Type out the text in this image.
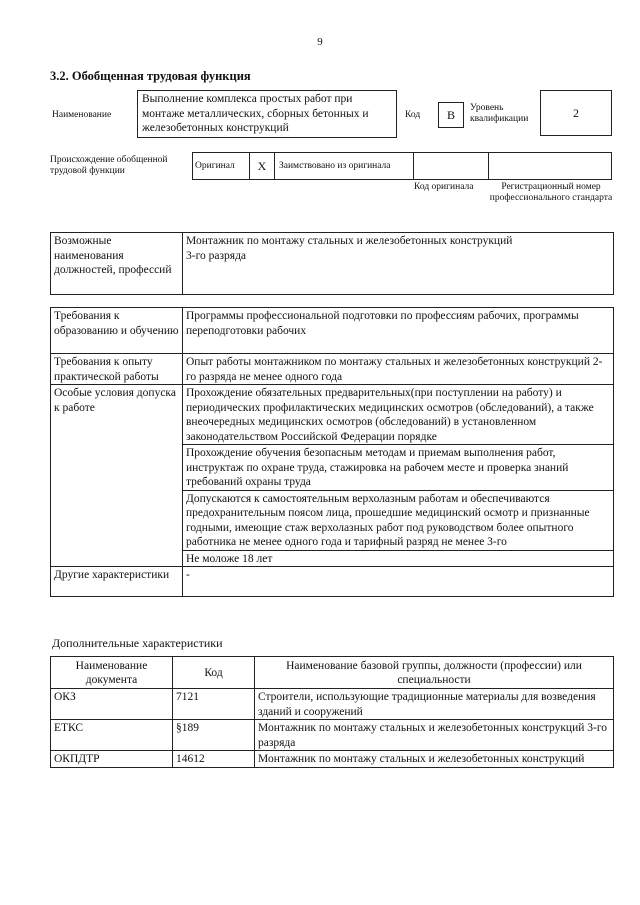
9
3.2. Обобщенная трудовая функция
Наименование
Выполнение комплекса простых работ при монтаже металлических, сборных бетонных и железобетонных конструкций
Код	B	Уровень квалификации	2
Происхождение обобщенной трудовой функции	Оригинал	X	Заимствовано из оригинала
Код оригинала	Регистрационный номер профессионального стандарта
Возможные наименования должностей, профессий	Монтажник по монтажу стальных и железобетонных конструкций
3-го разряда
Требования к образованию и обучению	Программы профессиональной подготовки по профессиям рабочих, программы переподготовки рабочих
Требования к опыту практической работы	Опыт работы монтажником по монтажу стальных и железобетонных конструкций 2-го разряда не менее одного года
Особые условия допуска к работе	Прохождение обязательных предварительных(при поступлении на работу) и периодических профилактических медицинских осмотров (обследований), а также внеочередных медицинских осмотров (обследований) в установленном законодательством Российской Федерации порядке
	Прохождение обучения безопасным методам и приемам выполнения работ, инструктаж по охране труда, стажировка на рабочем месте и проверка знаний требований охраны труда
	Допускаются к самостоятельным верхолазным работам и обеспечиваются предохранительным поясом лица, прошедшие медицинский осмотр и признанные годными, имеющие стаж верхолазных работ под руководством более опытного работника не менее одного года и тарифный разряд не менее 3-го
	Не моложе 18 лет
Другие характеристики	-
Дополнительные характеристики
Наименование документа	Код	Наименование базовой группы, должности (профессии) или специальности
ОКЗ	7121	Строители, использующие традиционные материалы для возведения зданий и сооружений
ЕТКС	§189	Монтажник по монтажу стальных и железобетонных конструкций 3-го разряда
ОКПДТР	14612	Монтажник по монтажу стальных и железобетонных конструкций
